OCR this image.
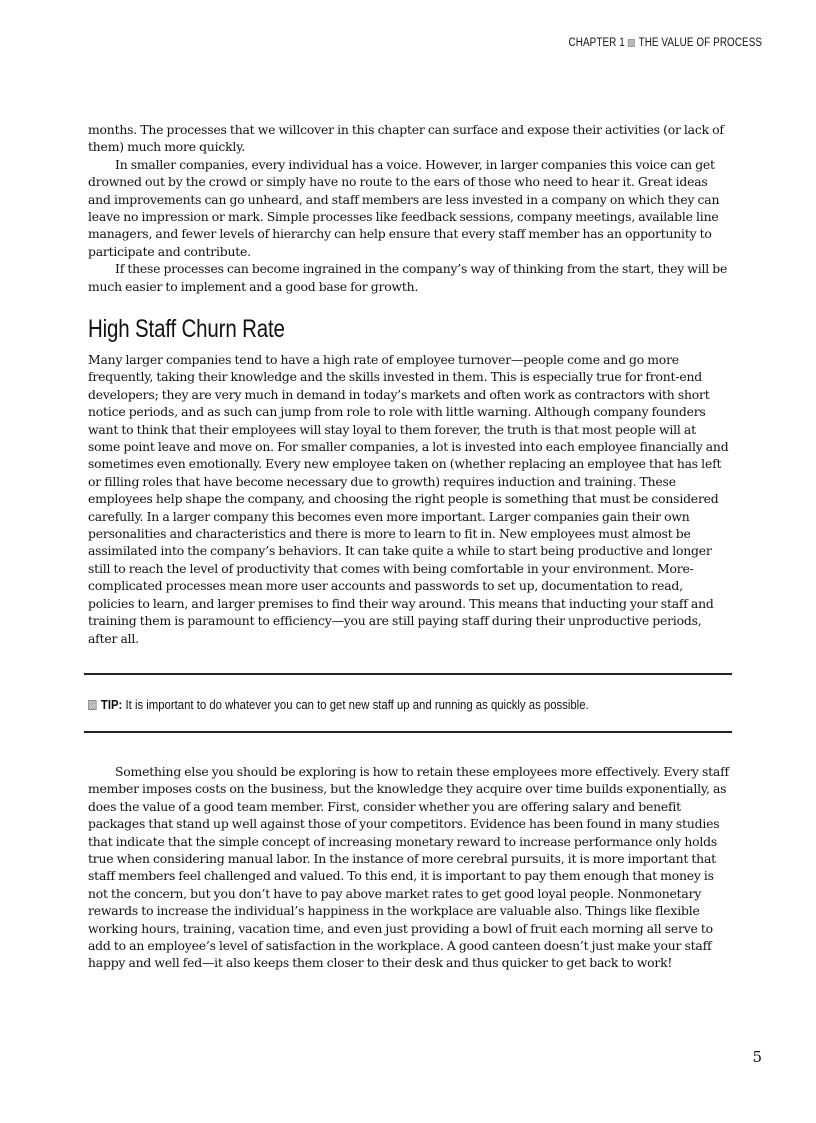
CHAPTER 1 THE VALUE OF PROCESS

months. The processes that we willcover in this chapter can surface and expose their activities (or lack of them) much more quickly.

In smaller companies, every individual has a voice. However, in larger companies this voice can get drowned out by the crowd or simply have no route to the ears of those who need to hear it. Great ideas and improvements can go unheard, and staff members are less invested in a company on which they can leave no impression or mark. Simple processes like feedback sessions, company meetings, available line managers, and fewer levels of hierarchy can help ensure that every staff member has an opportunity to participate and contribute.

If these processes can become ingrained in the company’s way of thinking from the start, they will be much easier to implement and a good base for growth.

High Staff Churn Rate

Many larger companies tend to have a high rate of employee turnover—people come and go more frequently, taking their knowledge and the skills invested in them. This is especially true for front-end developers; they are very much in demand in today’s markets and often work as contractors with short notice periods, and as such can jump from role to role with little warning. Although company founders want to think that their employees will stay loyal to them forever, the truth is that most people will at some point leave and move on. For smaller companies, a lot is invested into each employee financially and sometimes even emotionally. Every new employee taken on (whether replacing an employee that has left or filling roles that have become necessary due to growth) requires induction and training. These employees help shape the company, and choosing the right people is something that must be considered carefully. In a larger company this becomes even more important. Larger companies gain their own personalities and characteristics and there is more to learn to fit in. New employees must almost be assimilated into the company’s behaviors. It can take quite a while to start being productive and longer still to reach the level of productivity that comes with being comfortable in your environment. More-complicated processes mean more user accounts and passwords to set up, documentation to read, policies to learn, and larger premises to find their way around. This means that inducting your staff and training them is paramount to efficiency—you are still paying staff during their unproductive periods, after all.

TIP: It is important to do whatever you can to get new staff up and running as quickly as possible.

Something else you should be exploring is how to retain these employees more effectively. Every staff member imposes costs on the business, but the knowledge they acquire over time builds exponentially, as does the value of a good team member. First, consider whether you are offering salary and benefit packages that stand up well against those of your competitors. Evidence has been found in many studies that indicate that the simple concept of increasing monetary reward to increase performance only holds true when considering manual labor. In the instance of more cerebral pursuits, it is more important that staff members feel challenged and valued. To this end, it is important to pay them enough that money is not the concern, but you don’t have to pay above market rates to get good loyal people. Nonmonetary rewards to increase the individual’s happiness in the workplace are valuable also. Things like flexible working hours, training, vacation time, and even just providing a bowl of fruit each morning all serve to add to an employee’s level of satisfaction in the workplace. A good canteen doesn’t just make your staff happy and well fed—it also keeps them closer to their desk and thus quicker to get back to work!

5
